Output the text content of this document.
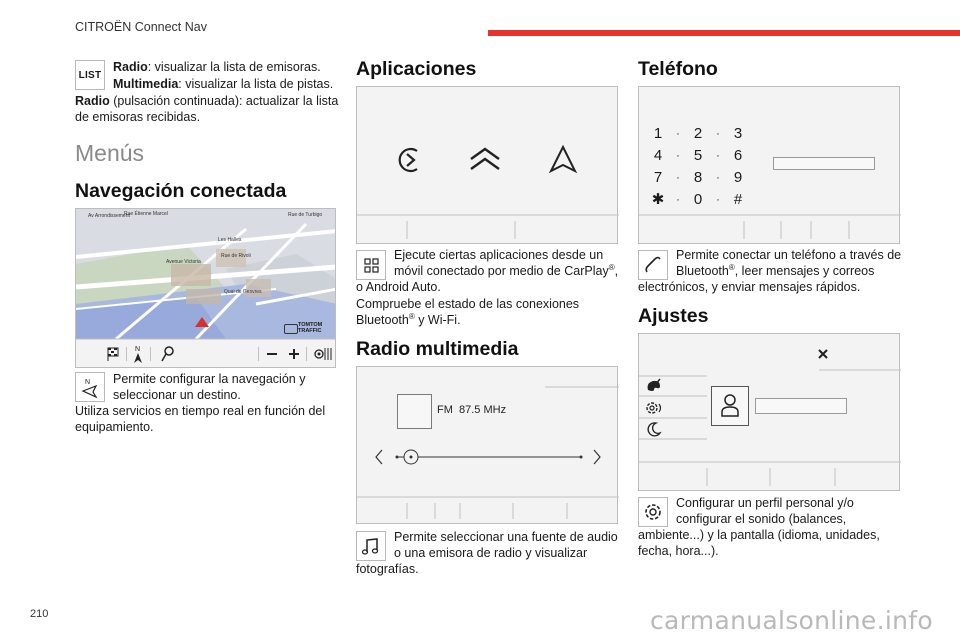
CITROËN Connect Nav
LIST
Radio: visualizar la lista de emisoras.
Multimedia: visualizar la lista de pistas.
Radio (pulsación continuada): actualizar la lista
de emisoras recibidas.
Menús
Navegación conectada
Av Arrondissement
Rue Étienne Marcel	Rue de Turbigo
Les Halles
Rue de Rivoli
Avenue Victoria
Quai de Gesvres
TOMTOM
TRAFFIC
N
N Permite configurar la navegación y
seleccionar un destino.
Utiliza servicios en tiempo real en función del
equipamiento.
Aplicaciones
Ejecute ciertas aplicaciones desde un
móvil conectado por medio de CarPlay®,
o Android Auto.
Compruebe el estado de las conexiones
Bluetooth® y Wi-Fi.
Radio multimedia
FM  87.5 MHz
Permite seleccionar una fuente de audio
o una emisora de radio y visualizar
fotografías.
Teléfono
1 · 2 · 3
4 · 5 · 6
7 · 8 · 9
✱ · 0 · #
Permite conectar un teléfono a través de
Bluetooth®, leer mensajes y correos
electrónicos, y enviar mensajes rápidos.
Ajustes
Configurar un perfil personal y/o
configurar el sonido (balances,
ambiente...) y la pantalla (idioma, unidades,
fecha, hora...).
210	carmanualsonline.info
